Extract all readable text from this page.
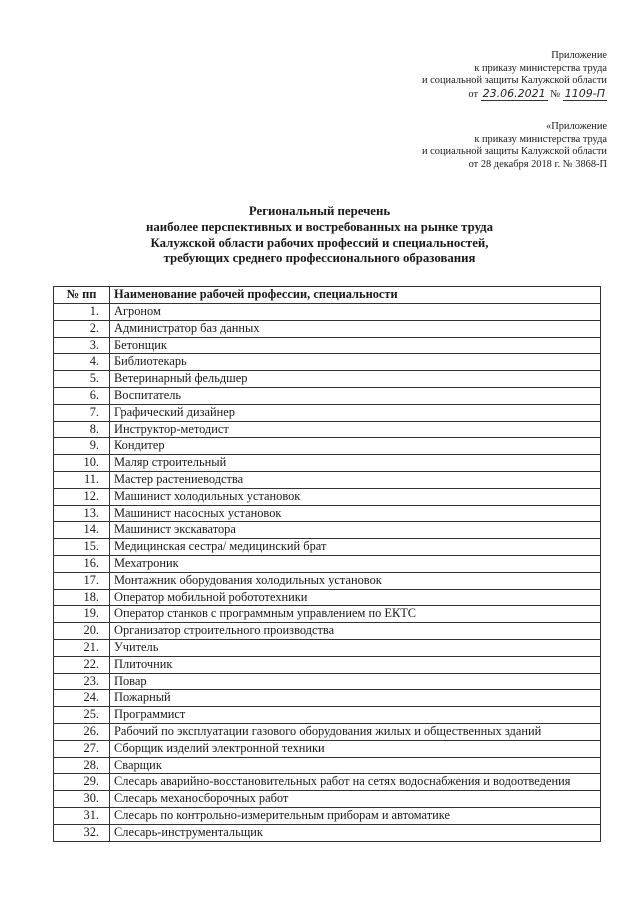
Приложение
к приказу министерства труда
и социальной защиты Калужской области
от 23.06.2021 № 1109-П
«Приложение
к приказу министерства труда
и социальной защиты Калужской области
от 28 декабря 2018 г. № 3868-П
Региональный перечень
наиболее перспективных и востребованных на рынке труда
Калужской области рабочих профессий и специальностей,
требующих среднего профессионального образования
№ пп	Наименование рабочей профессии, специальности
1.	Агроном
2.	Администратор баз данных
3.	Бетонщик
4.	Библиотекарь
5.	Ветеринарный фельдшер
6.	Воспитатель
7.	Графический дизайнер
8.	Инструктор-методист
9.	Кондитер
10.	Маляр строительный
11.	Мастер растениеводства
12.	Машинист холодильных установок
13.	Машинист насосных установок
14.	Машинист экскаватора
15.	Медицинская сестра/ медицинский брат
16.	Мехатроник
17.	Монтажник оборудования холодильных установок
18.	Оператор мобильной робототехники
19.	Оператор станков с программным управлением по ЕКТС
20.	Организатор строительного производства
21.	Учитель
22.	Плиточник
23.	Повар
24.	Пожарный
25.	Программист
26.	Рабочий по эксплуатации газового оборудования жилых и общественных зданий
27.	Сборщик изделий электронной техники
28.	Сварщик
29.	Слесарь аварийно-восстановительных работ на сетях водоснабжения и водоотведения
30.	Слесарь механосборочных работ
31.	Слесарь по контрольно-измерительным приборам и автоматике
32.	Слесарь-инструментальщик
